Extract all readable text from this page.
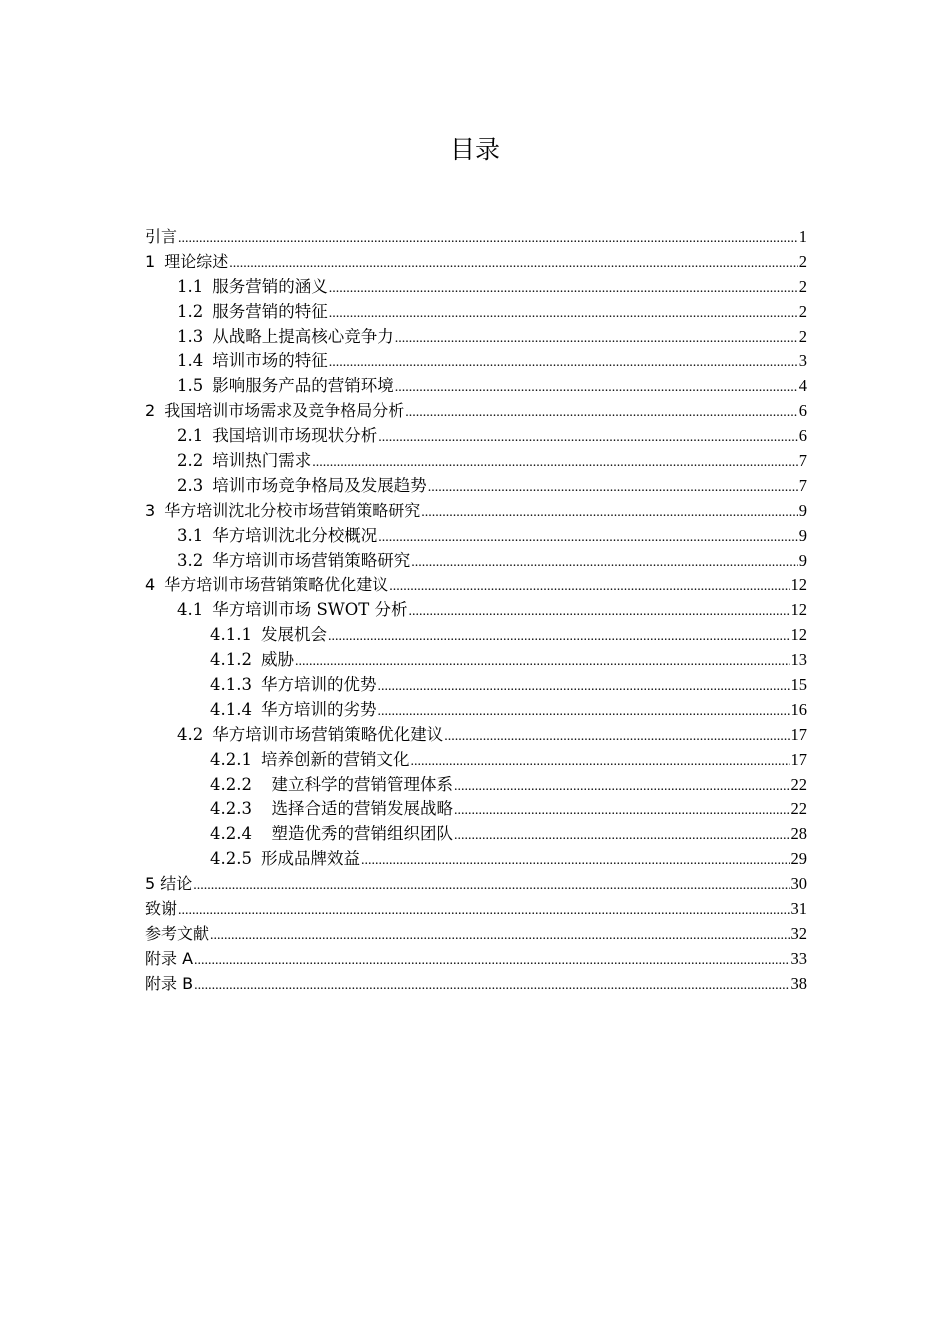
目录
引言 .....	1
1 理论综述 .....	2
1.1 服务营销的涵义 .....	2
1.2 服务营销的特征 .....	2
1.3 从战略上提高核心竞争力 .....	2
1.4 培训市场的特征 .....	3
1.5 影响服务产品的营销环境 .....	4
2 我国培训市场需求及竞争格局分析 .....	6
2.1 我国培训市场现状分析 .....	6
2.2 培训热门需求 .....	7
2.3 培训市场竞争格局及发展趋势 .....	7
3 华方培训沈北分校市场营销策略研究 .....	9
3.1 华方培训沈北分校概况 .....	9
3.2 华方培训市场营销策略研究 .....	9
4 华方培训市场营销策略优化建议 .....	12
4.1 华方培训市场 SWOT 分析 .....	12
4.1.1 发展机会 .....	12
4.1.2 威胁 .....	13
4.1.3 华方培训的优势 .....	15
4.1.4 华方培训的劣势 .....	16
4.2 华方培训市场营销策略优化建议 .....	17
4.2.1 培养创新的营销文化 .....	17
4.2.2 建立科学的营销管理体系 .....	22
4.2.3 选择合适的营销发展战略 .....	22
4.2.4 塑造优秀的营销组织团队 .....	28
4.2.5 形成品牌效益 .....	29
5 结论 .....	30
致谢 .....	31
参考文献 .....	32
附录 A .....	33
附录 B .....	38
